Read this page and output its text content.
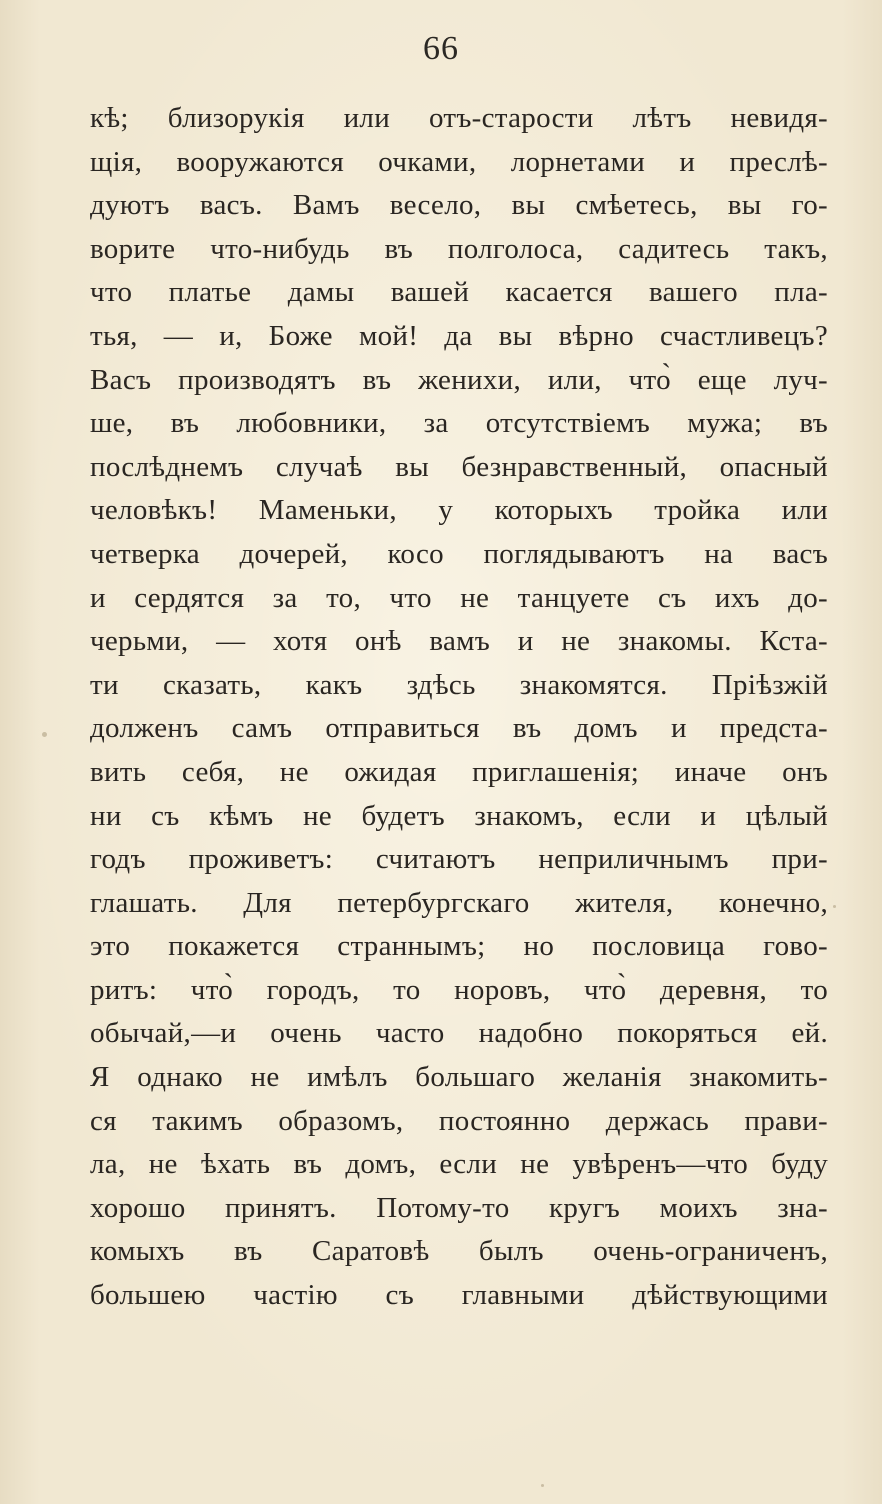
66
кѣ; близорукія или отъ-старости лѣтъ невидя-
щія, вооружаются очками, лорнетами и преслѣ-
дуютъ васъ. Вамъ весело, вы смѣетесь, вы го-
ворите что-нибудь въ полголоса, садитесь такъ,
что платье дамы вашей касается вашего пла-
тья, — и, Боже мой! да вы вѣрно счастливецъ?
Васъ производятъ въ женихи, или, что̀ еще луч-
ше, въ любовники, за отсутствіемъ мужа; въ
послѣднемъ случаѣ вы безнравственный, опасный
человѣкъ! Маменьки, у которыхъ тройка или
четверка дочерей, косо поглядываютъ на васъ
и сердятся за то, что не танцуете съ ихъ до-
черьми, — хотя онѣ вамъ и не знакомы. Кста-
ти сказать, какъ здѣсь знакомятся. Пріѣзжій
долженъ самъ отправиться въ домъ и предста-
вить себя, не ожидая приглашенія; иначе онъ
ни съ кѣмъ не будетъ знакомъ, если и цѣлый
годъ проживетъ: считаютъ неприличнымъ при-
глашать. Для петербургскаго жителя, конечно,
это покажется страннымъ; но пословица гово-
ритъ: что̀ городъ, то норовъ, что̀ деревня, то
обычай,—и очень часто надобно покоряться ей.
Я однако не имѣлъ большаго желанія знакомить-
ся такимъ образомъ, постоянно держась прави-
ла, не ѣхать въ домъ, если не увѣренъ—что буду
хорошо принятъ. Потому-то кругъ моихъ зна-
комыхъ въ Саратовѣ былъ очень-ограниченъ,
большею частію съ главными дѣйствующими
